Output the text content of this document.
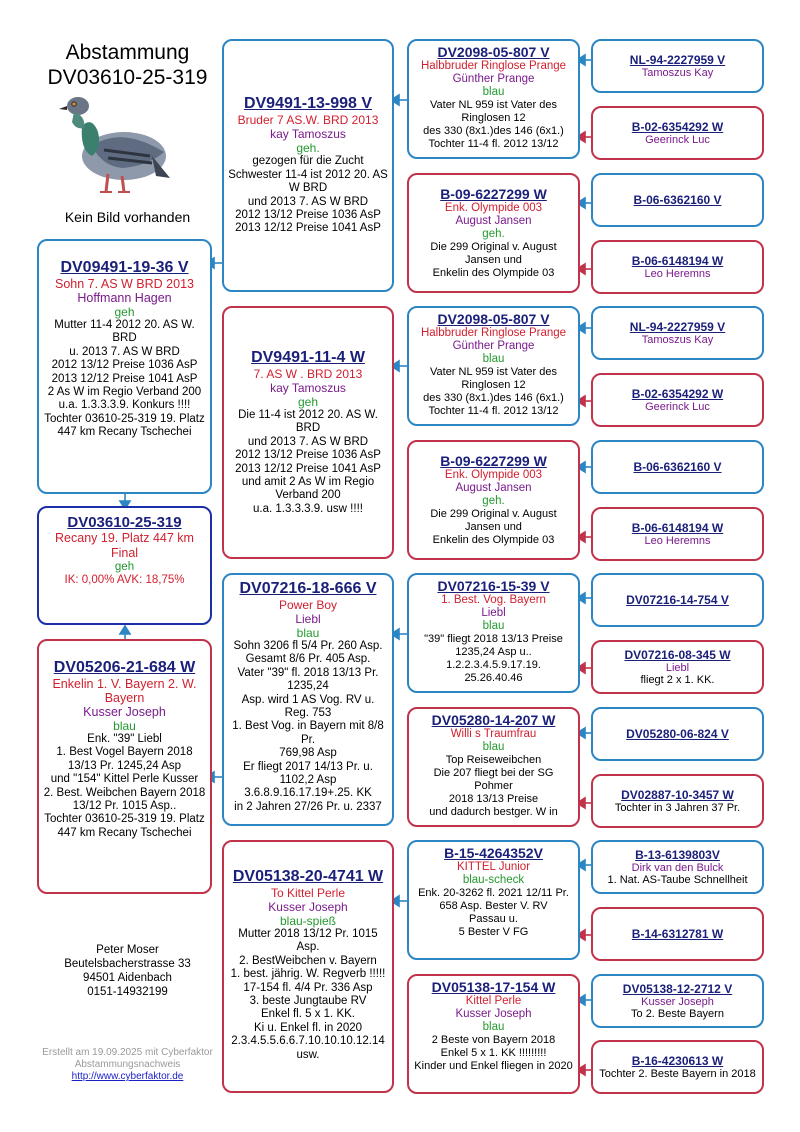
Abstammung
DV03610-25-319
Kein Bild vorhanden
DV03610-25-319
Recany 19. Platz 447 km Final
geh
IK: 0,00% AVK: 18,75%
DV09491-19-36 V
Sohn 7. AS W BRD 2013
Hoffmann Hagen
geh
Mutter 11-4 2012 20. AS W. BRD
u. 2013 7. AS W BRD
2012 13/12 Preise 1036 AsP
2013 12/12 Preise 1041 AsP
2 As W im Regio Verband 200
u.a. 1.3.3.3.9. Konkurs !!!!
Tochter 03610-25-319 19. Platz
447 km Recany Tschechei
DV05206-21-684 W
Enkelin 1. V. Bayern 2. W. Bayern
Kusser Joseph
blau
Enk. "39" Liebl
1. Best Vogel Bayern 2018
13/13 Pr. 1245,24 Asp
und "154" Kittel Perle Kusser
2. Best. Weibchen Bayern 2018
13/12 Pr. 1015 Asp..
Tochter 03610-25-319 19. Platz
447 km Recany Tschechei
DV9491-13-998 V
Bruder 7 AS.W. BRD 2013
kay Tamoszus
geh.
gezogen für die Zucht
Schwester 11-4 ist 2012 20. AS W BRD
und 2013 7. AS W BRD
2012 13/12 Preise 1036 AsP
2013 12/12 Preise 1041 AsP
DV9491-11-4 W
7. AS W . BRD 2013
kay Tamoszus
geh
Die 11-4 ist 2012 20. AS W. BRD
und 2013 7. AS W BRD
2012 13/12 Preise 1036 AsP
2013 12/12 Preise 1041 AsP
und amit 2 As W im Regio Verband 200
u.a. 1.3.3.3.9. usw !!!!
DV07216-18-666 V
Power Boy
Liebl
blau
Sohn 3206 fl 5/4 Pr. 260 Asp.
Gesamt 8/6 Pr. 405 Asp.
Vater "39" fl. 2018 13/13 Pr. 1235,24
Asp. wird 1 AS Vog. RV u. Reg. 753
1. Best Vog. in Bayern mit 8/8 Pr.
769,98 Asp
Er fliegt 2017 14/13 Pr. u. 1102,2 Asp
3.6.8.9.16.17.19+.25. KK
in 2 Jahren 27/26 Pr. u. 2337
DV05138-20-4741 W
To Kittel Perle
Kusser Joseph
blau-spieß
Mutter 2018 13/12 Pr. 1015 Asp.
2. BestWeibchen v. Bayern
1. best. jährig. W. Regverb !!!!!
17-154 fl. 4/4 Pr. 336 Asp
3. beste Jungtaube RV
Enkel fl. 5 x 1. KK.
Ki u. Enkel fl. in 2020
2.3.4.5.5.6.6.7.10.10.10.12.14
usw.
DV2098-05-807 V
Halbbruder Ringlose Prange
Günther Prange
blau
Vater NL 959 ist Vater des Ringlosen 12
des 330 (8x1.)des 146 (6x1.)
Tochter 11-4 fl. 2012 13/12
B-09-6227299 W
Enk. Olympide 003
August Jansen
geh.
Die 299 Original v. August Jansen und
Enkelin des Olympide 03
DV2098-05-807 V
Halbbruder Ringlose Prange
Günther Prange
blau
Vater NL 959 ist Vater des Ringlosen 12
des 330 (8x1.)des 146 (6x1.)
Tochter 11-4 fl. 2012 13/12
B-09-6227299 W
Enk. Olympide 003
August Jansen
geh.
Die 299 Original v. August Jansen und
Enkelin des Olympide 03
DV07216-15-39 V
1. Best. Vog. Bayern
Liebl
blau
"39" fliegt 2018 13/13 Preise
1235,24 Asp u..
1.2.2.3.4.5.9.17.19.
25.26.40.46
DV05280-14-207 W
Willi s Traumfrau
blau
Top Reiseweibchen
Die 207 fliegt bei der SG Pohmer
2018 13/13 Preise
und dadurch bestger. W in
B-15-4264352V
KITTEL Junior
blau-scheck
Enk. 20-3262 fl. 2021 12/11 Pr.
658 Asp. Bester V. RV
Passau u.
5 Bester V FG
DV05138-17-154 W
Kittel Perle
Kusser Joseph
blau
2 Beste von Bayern 2018
Enkel 5 x 1. KK !!!!!!!!!
Kinder und Enkel fliegen in 2020
NL-94-2227959 V
Tamoszus Kay
B-02-6354292 W
Geerinck Luc
B-06-6362160 V
B-06-6148194 W
Leo Heremns
NL-94-2227959 V
Tamoszus Kay
B-02-6354292 W
Geerinck Luc
B-06-6362160 V
B-06-6148194 W
Leo Heremns
DV07216-14-754 V
DV07216-08-345 W
Liebl
fliegt 2 x 1. KK.
DV05280-06-824 V
DV02887-10-3457 W
Tochter in 3 Jahren 37 Pr.
B-13-6139803V
Dirk van den Bulck
1. Nat. AS-Taube Schnellheit
B-14-6312781 W
DV05138-12-2712 V
Kusser Joseph
To 2. Beste Bayern
B-16-4230613 W
Tochter 2. Beste Bayern in 2018
Peter Moser
Beutelsbacherstrasse 33
94501 Aidenbach
0151-14932199
Erstellt am 19.09.2025 mit Cyberfaktor Abstammungsnachweis
http://www.cyberfaktor.de
